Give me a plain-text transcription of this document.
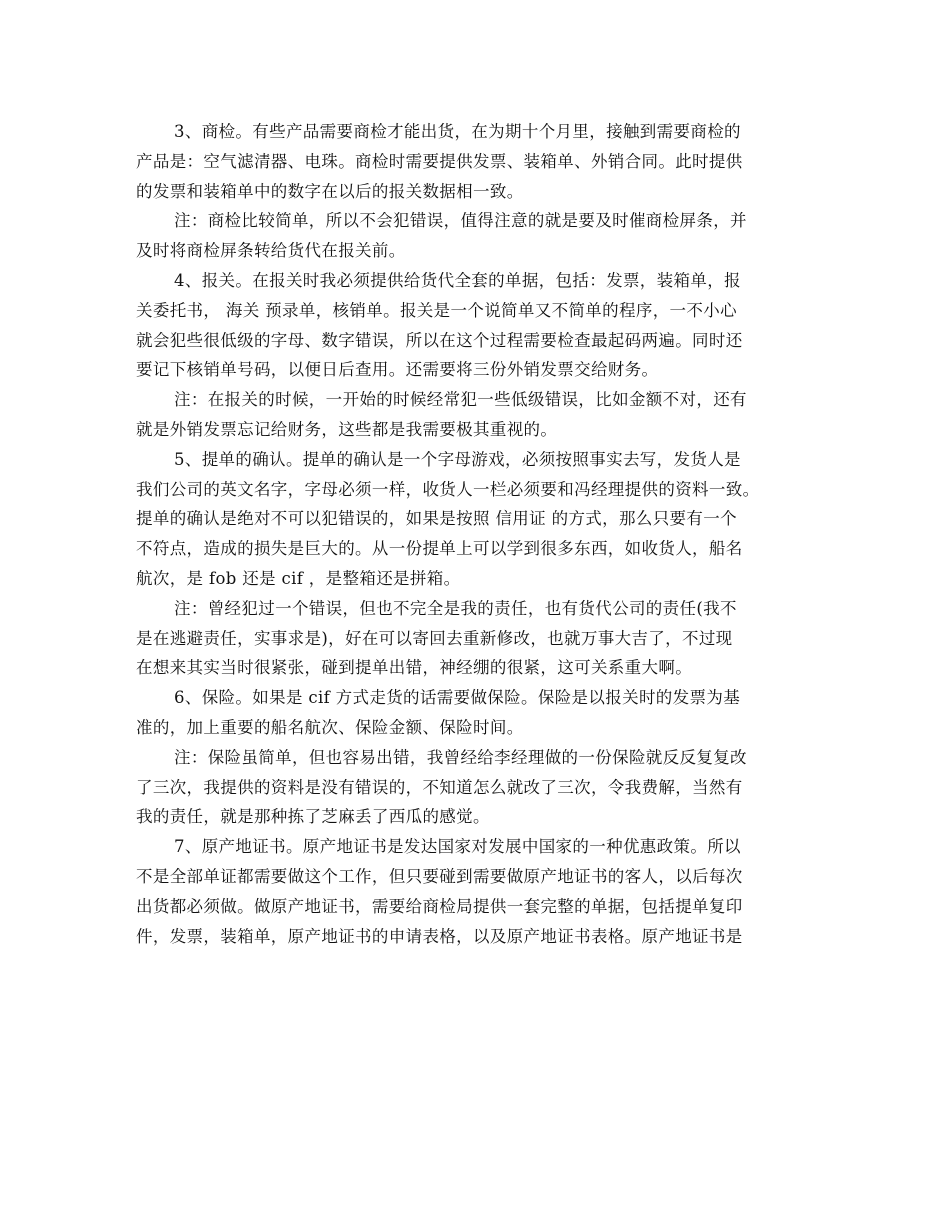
3、商检。有些产品需要商检才能出货，在为期十个月里，接触到需要商检的
产品是：空气滤清器、电珠。商检时需要提供发票、装箱单、外销合同。此时提供
的发票和装箱单中的数字在以后的报关数据相一致。
注：商检比较简单，所以不会犯错误，值得注意的就是要及时催商检屏条，并
及时将商检屏条转给货代在报关前。
4、报关。在报关时我必须提供给货代全套的单据，包括：发票，装箱单，报
关委托书， 海关 预录单，核销单。报关是一个说简单又不简单的程序，一不小心
就会犯些很低级的字母、数字错误，所以在这个过程需要检查最起码两遍。同时还
要记下核销单号码，以便日后查用。还需要将三份外销发票交给财务。
注：在报关的时候，一开始的时候经常犯一些低级错误，比如金额不对，还有
就是外销发票忘记给财务，这些都是我需要极其重视的。
5、提单的确认。提单的确认是一个字母游戏，必须按照事实去写，发货人是
我们公司的英文名字，字母必须一样，收货人一栏必须要和冯经理提供的资料一致。
提单的确认是绝对不可以犯错误的，如果是按照 信用证 的方式，那么只要有一个
不符点，造成的损失是巨大的。从一份提单上可以学到很多东西，如收货人，船名
航次，是 fob 还是 cif ，是整箱还是拼箱。
注：曾经犯过一个错误，但也不完全是我的责任，也有货代公司的责任(我不
是在逃避责任，实事求是)，好在可以寄回去重新修改，也就万事大吉了，不过现
在想来其实当时很紧张，碰到提单出错，神经绷的很紧，这可关系重大啊。
6、保险。如果是 cif 方式走货的话需要做保险。保险是以报关时的发票为基
准的，加上重要的船名航次、保险金额、保险时间。
注：保险虽简单，但也容易出错，我曾经给李经理做的一份保险就反反复复改
了三次，我提供的资料是没有错误的，不知道怎么就改了三次，令我费解，当然有
我的责任，就是那种拣了芝麻丢了西瓜的感觉。
7、原产地证书。原产地证书是发达国家对发展中国家的一种优惠政策。所以
不是全部单证都需要做这个工作，但只要碰到需要做原产地证书的客人，以后每次
出货都必须做。做原产地证书，需要给商检局提供一套完整的单据，包括提单复印
件，发票，装箱单，原产地证书的申请表格，以及原产地证书表格。原产地证书是
